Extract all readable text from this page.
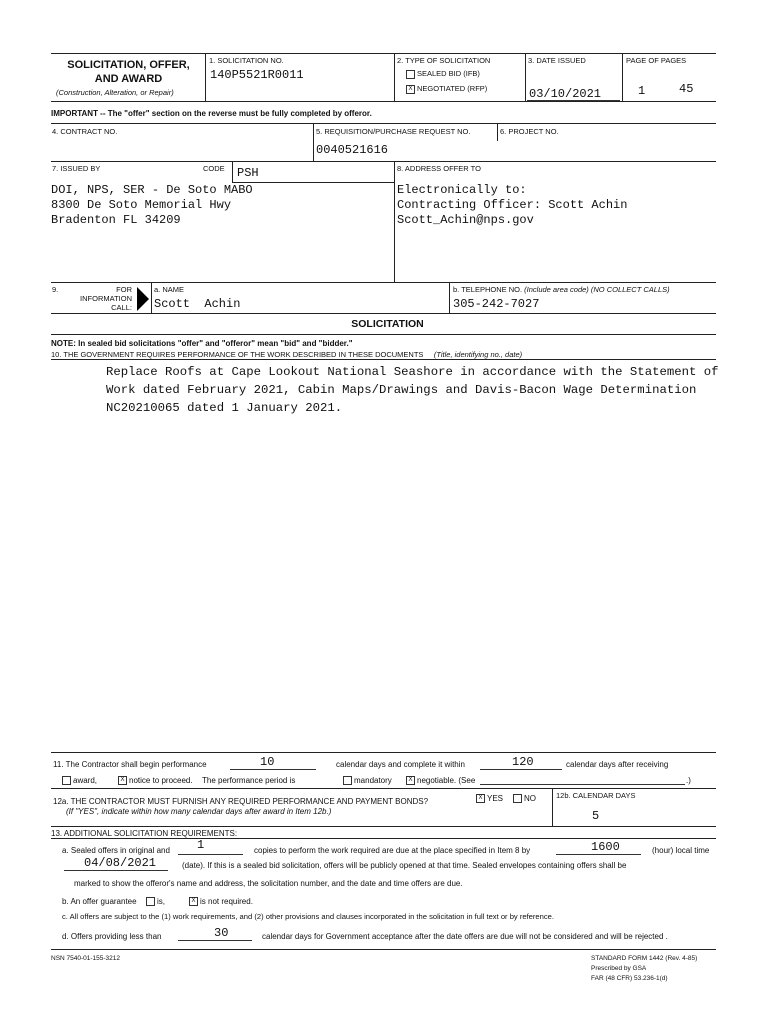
SOLICITATION, OFFER,
AND AWARD
(Construction, Alteration, or Repair)
1. SOLICITATION NO.
140P5521R0011
2. TYPE OF SOLICITATION
SEALED BID (IFB)
X NEGOTIATED (RFP)
3. DATE ISSUED
03/10/2021
PAGE OF PAGES
1	45
IMPORTANT -- The "offer" section on the reverse must be fully completed by offeror.
4. CONTRACT NO.	5. REQUISITION/PURCHASE REQUEST NO.
0040521616
6. PROJECT NO.
7. ISSUED BY	CODE PSH
DOI, NPS, SER - De Soto MABO
8300 De Soto Memorial Hwy
Bradenton FL 34209
8. ADDRESS OFFER TO
Electronically to:
Contracting Officer: Scott Achin
Scott_Achin@nps.gov
9.	FOR
INFORMATION
CALL:
a. NAME
Scott  Achin
b. TELEPHONE NO. (Include area code) (NO COLLECT CALLS)
305-242-7027
SOLICITATION
NOTE: In sealed bid solicitations "offer" and "offeror" mean "bid" and "bidder."
10. THE GOVERNMENT REQUIRES PERFORMANCE OF THE WORK DESCRIBED IN THESE DOCUMENTS (Title, identifying no., date)
Replace Roofs at Cape Lookout National Seashore in accordance with the Statement of
Work dated February 2021, Cabin Maps/Drawings and Davis-Bacon Wage Determination
NC20210065 dated 1 January 2021.
11. The Contractor shall begin performance	10	calendar days and complete it within	120	calendar days after receiving
award,	X notice to proceed. The performance period is	mandatory	X negotiable. (See	.)
12a. THE CONTRACTOR MUST FURNISH ANY REQUIRED PERFORMANCE AND PAYMENT BONDS?
(If "YES", indicate within how many calendar days after award in Item 12b.)
X YES	NO	12b. CALENDAR DAYS
5
13. ADDITIONAL SOLICITATION REQUIREMENTS:
a. Sealed offers in original and 1	copies to perform the work required are due at the place specified in Item 8 by	1600	(hour) local time
04/08/2021	(date). If this is a sealed bid solicitation, offers will be publicly opened at that time. Sealed envelopes containing offers shall be
marked to show the offeror's name and address, the solicitation number, and the date and time offers are due.
b. An offer guarantee	is,	X is not required.
c. All offers are subject to the (1) work requirements, and (2) other provisions and clauses incorporated in the solicitation in full text or by reference.
d. Offers providing less than	30	calendar days for Government acceptance after the date offers are due will not be considered and will be rejected .
NSN 7540-01-155-3212	STANDARD FORM 1442 (Rev. 4-85)
Prescribed by GSA
FAR (48 CFR) 53.236-1(d)
